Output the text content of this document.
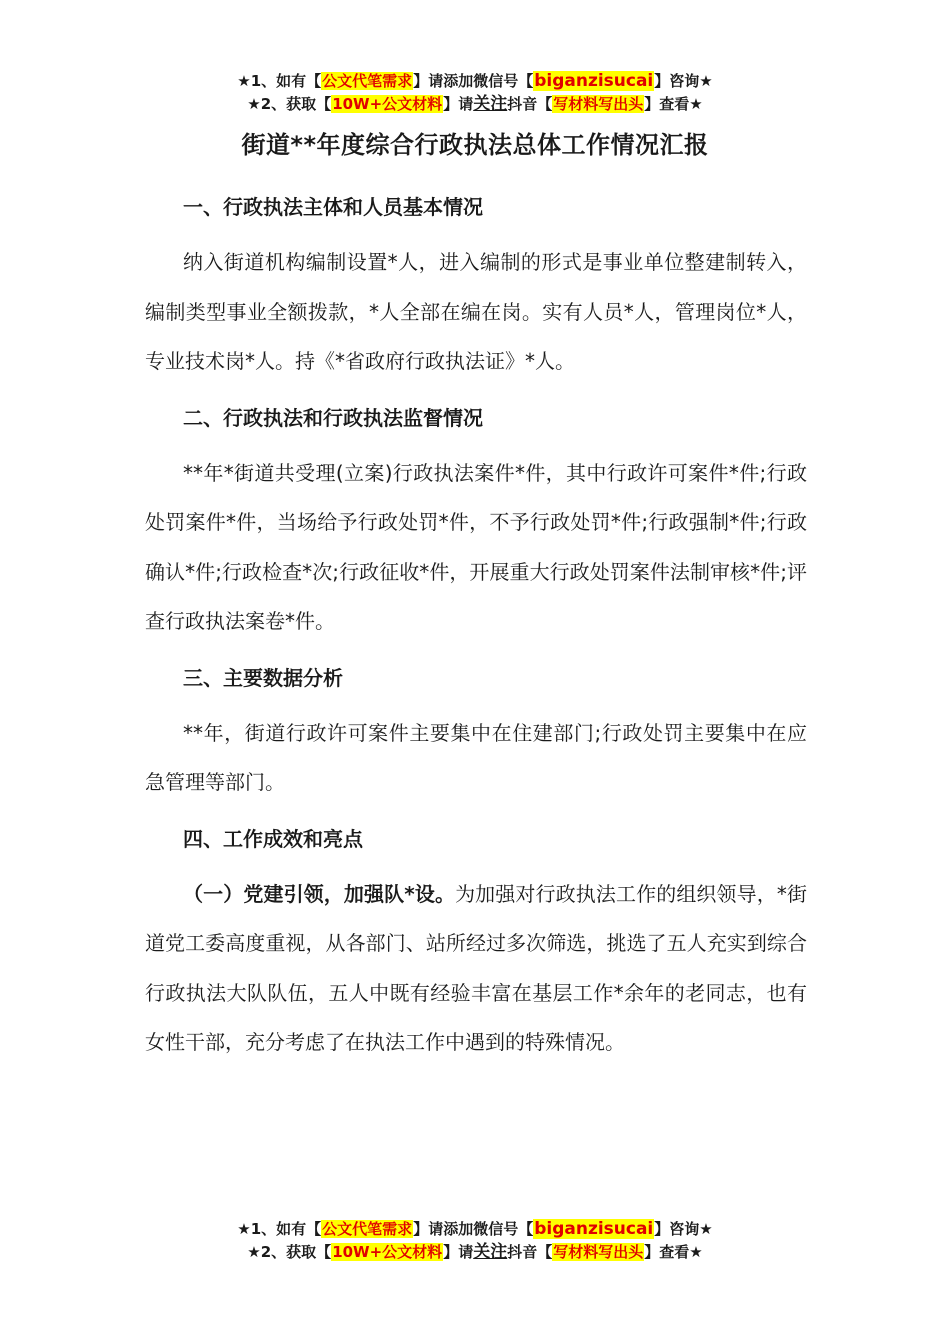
★1、如有【公文代笔需求】请添加微信号【biganzisucai】咨询★
★2、获取【10W+公文材料】请关注抖音【写材料写出头】查看★
街道**年度综合行政执法总体工作情况汇报
一、行政执法主体和人员基本情况

纳入街道机构编制设置*人，进入编制的形式是事业单位整建制转入，编制类型事业全额拨款，*人全部在编在岗。实有人员*人，管理岗位*人，专业技术岗*人。持《*省政府行政执法证》*人。

二、行政执法和行政执法监督情况

**年*街道共受理(立案)行政执法案件*件，其中行政许可案件*件;行政处罚案件*件，当场给予行政处罚*件，不予行政处罚*件;行政强制*件;行政确认*件;行政检查*次;行政征收*件，开展重大行政处罚案件法制审核*件;评查行政执法案卷*件。

三、主要数据分析

**年，街道行政许可案件主要集中在住建部门;行政处罚主要集中在应急管理等部门。

四、工作成效和亮点

（一）党建引领，加强队*设。为加强对行政执法工作的组织领导，*街道党工委高度重视，从各部门、站所经过多次筛选，挑选了五人充实到综合行政执法大队队伍，五人中既有经验丰富在基层工作*余年的老同志，也有女性干部，充分考虑了在执法工作中遇到的特殊情况。

★1、如有【公文代笔需求】请添加微信号【biganzisucai】咨询★
★2、获取【10W+公文材料】请关注抖音【写材料写出头】查看★
